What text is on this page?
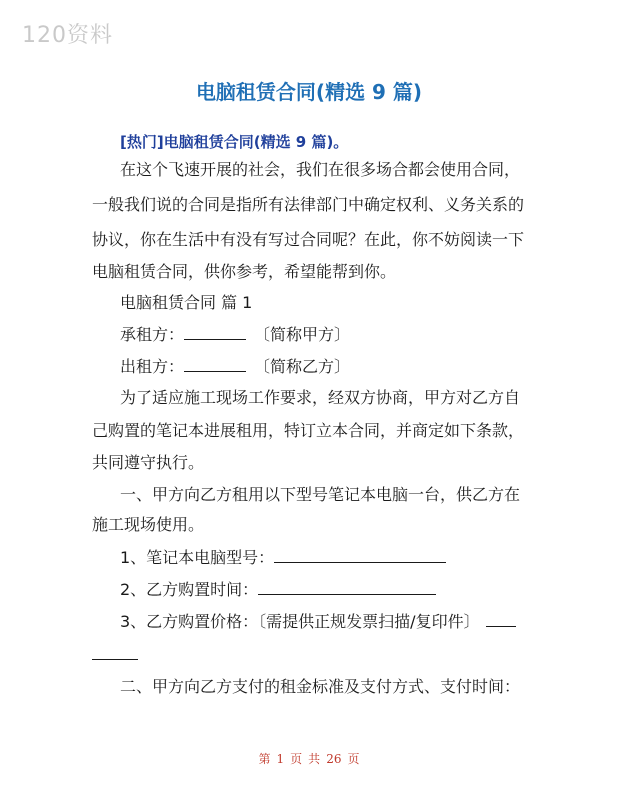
120资料
电脑租赁合同(精选 9 篇)
[热门]电脑租赁合同(精选 9 篇)。
在这个飞速开展的社会，我们在很多场合都会使用合同，
一般我们说的合同是指所有法律部门中确定权利、义务关系的
协议，你在生活中有没有写过合同呢？在此，你不妨阅读一下
电脑租赁合同，供你参考，希望能帮到你。
电脑租赁合同 篇 1
承租方：	〔简称甲方〕
出租方：	〔简称乙方〕
为了适应施工现场工作要求，经双方协商，甲方对乙方自
己购置的笔记本进展租用，特订立本合同，并商定如下条款，
共同遵守执行。
一、甲方向乙方租用以下型号笔记本电脑一台，供乙方在
施工现场使用。
1、笔记本电脑型号：
2、乙方购置时间：
3、乙方购置价格：〔需提供正规发票扫描/复印件〕
二、甲方向乙方支付的租金标准及支付方式、支付时间：
第 1 页 共 26 页
